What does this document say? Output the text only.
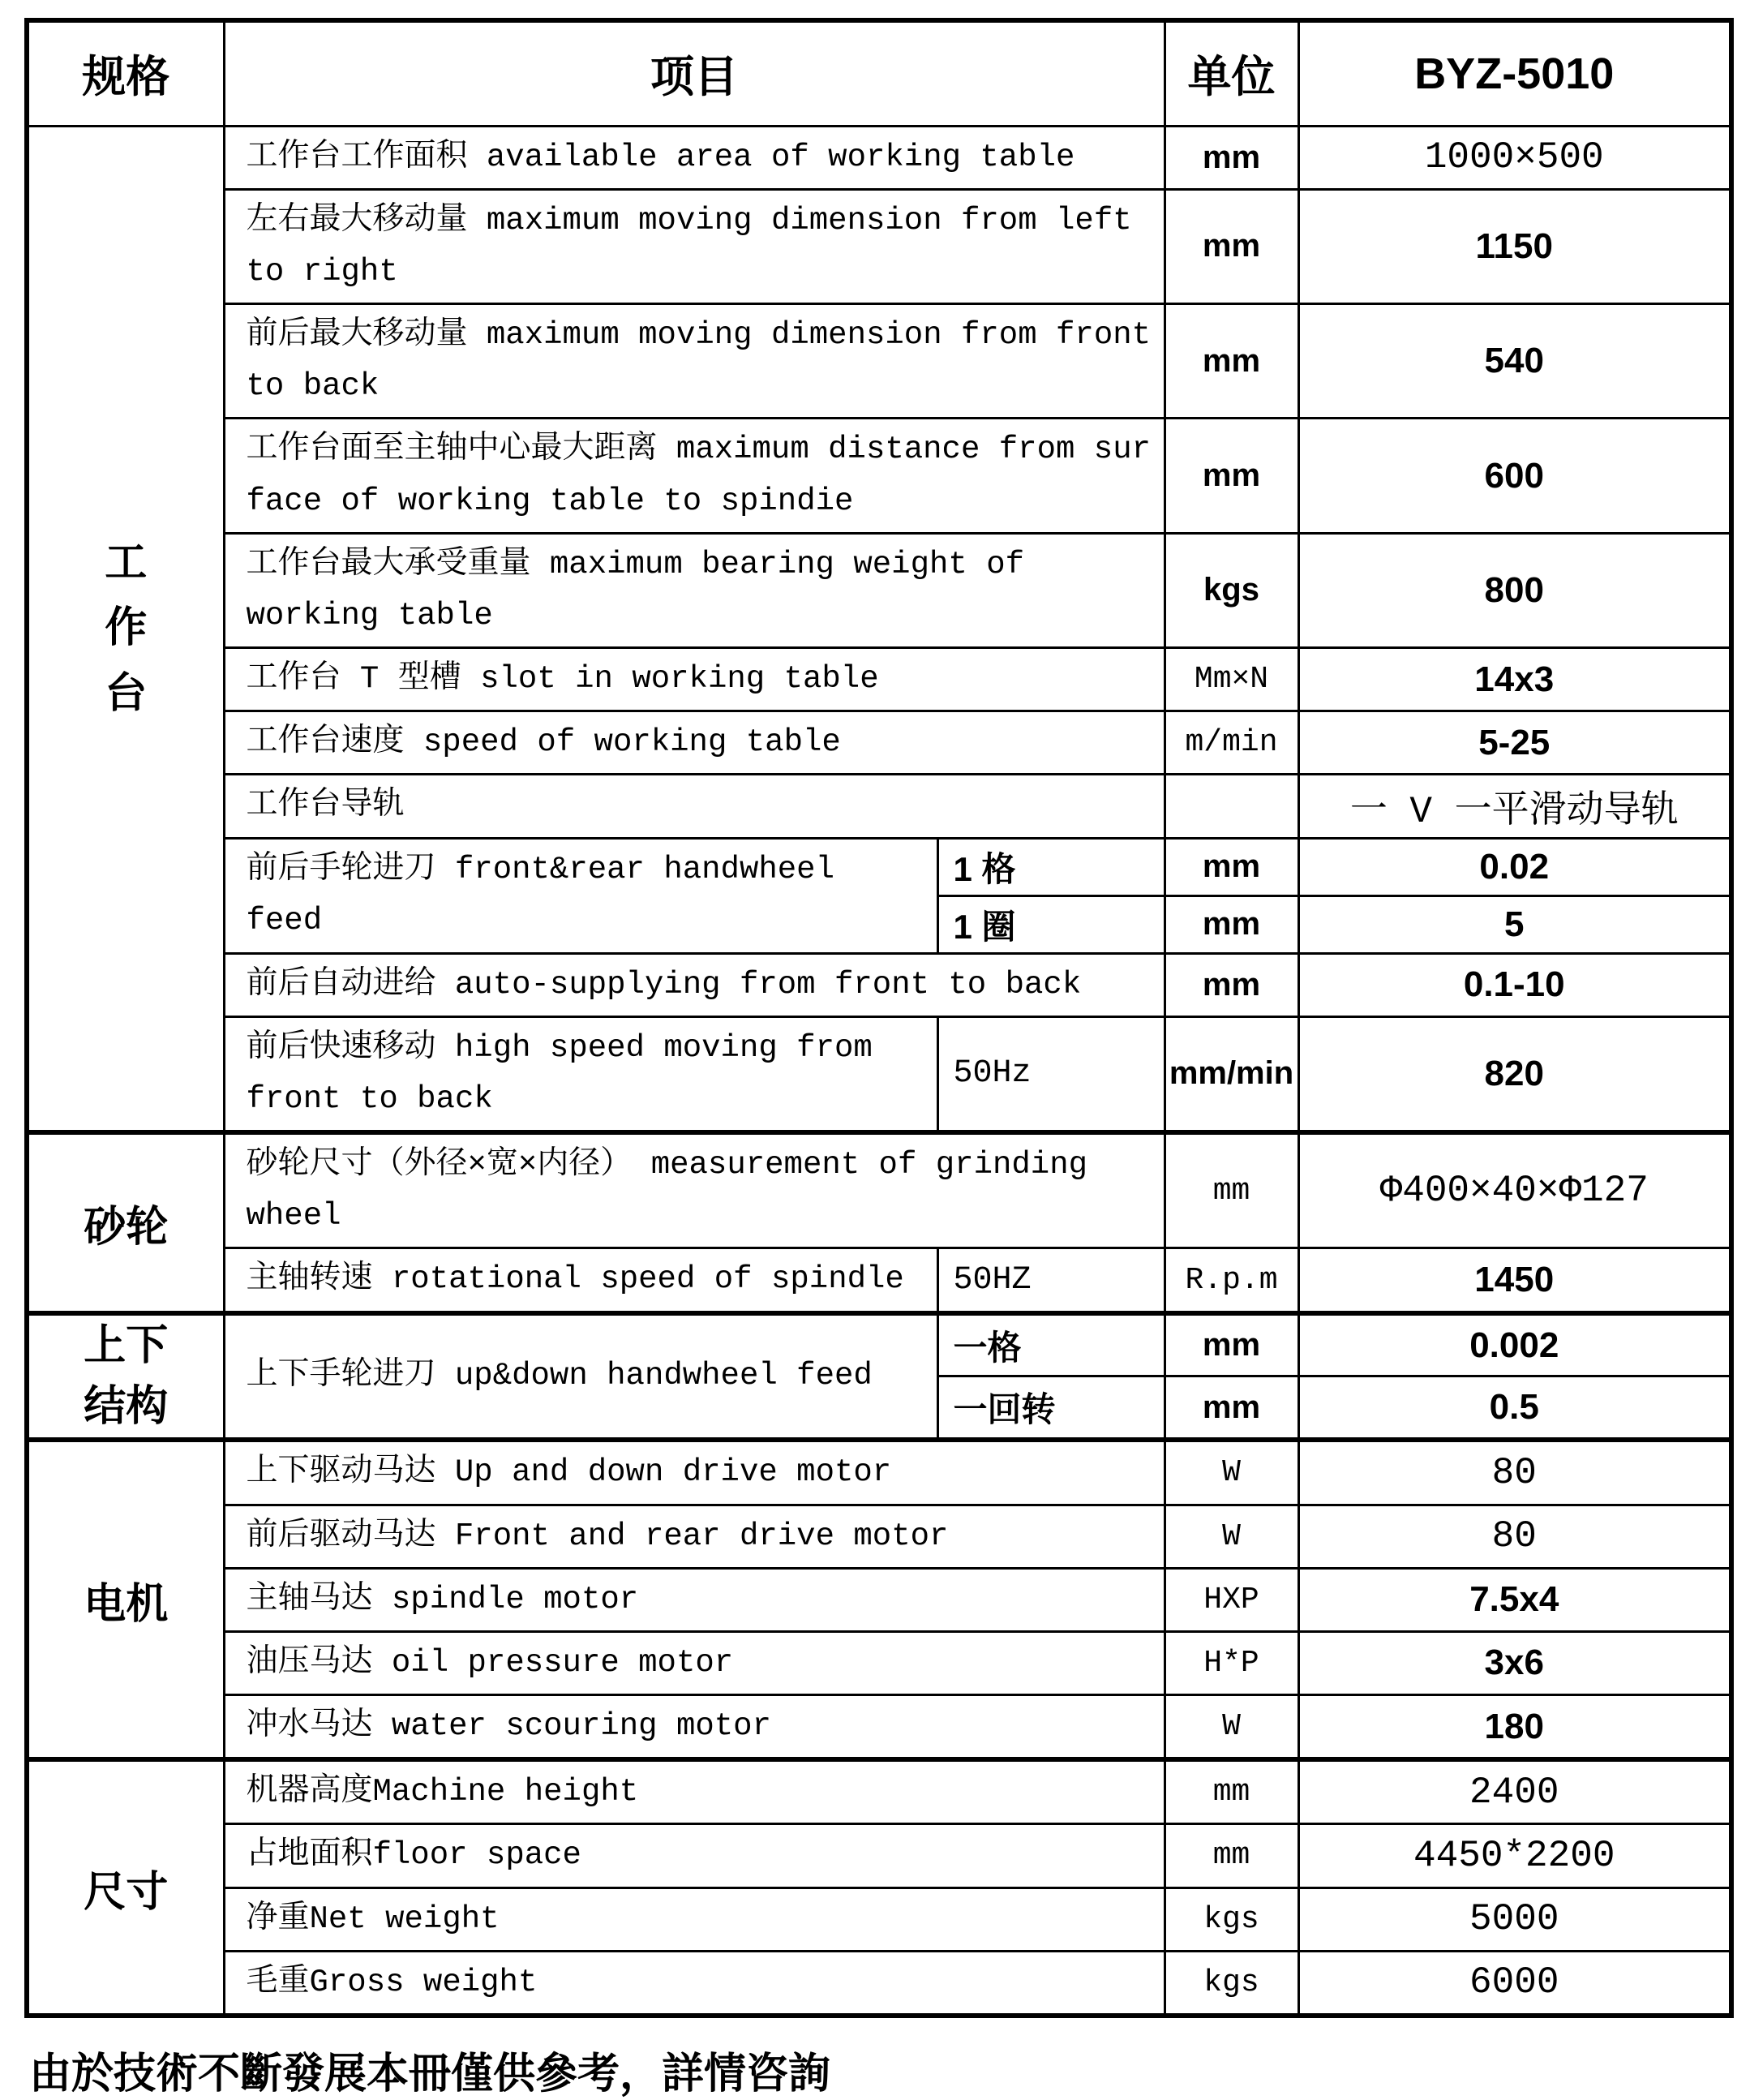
规格	项目		单位	BYZ-5010

工作台	工作台工作面积 available area of working table		mm	1000×500
	左右最大移动量 maximum moving dimension from left to right		mm	1150
	前后最大移动量 maximum moving dimension from front to back		mm	540
	工作台面至主轴中心最大距离 maximum distance from sur face of working table to spindie		mm	600
	工作台最大承受重量 maximum bearing weight of working table		kgs	800
	工作台 T 型槽 slot in working table		Mm×N	14x3
	工作台速度 speed of working table		m/min	5-25
	工作台导轨			一 V 一平滑动导轨
	前后手轮进刀 front&rear handwheel feed	1 格	mm	0.02
		1 圈	mm	5
	前后自动进给 auto-supplying from front to back		mm	0.1-10
	前后快速移动 high speed moving from front to back	50Hz	mm/min	820
砂轮	砂轮尺寸（外径×宽×内径） measurement of grinding wheel		mm	Φ400×40×Φ127
	主轴转速 rotational speed of spindle	50HZ	R.p.m	1450

上下结构	上下手轮进刀 up&down handwheel feed	一格	mm	0.002
		一回转	mm	0.5
电机	上下驱动马达 Up and down drive motor		W	80
	前后驱动马达 Front and rear drive motor		W	80
	主轴马达 spindle motor		HXP	7.5x4
	油压马达 oil pressure motor		H*P	3x6
	冲水马达 water scouring motor		W	180
尺寸	机器高度Machine height		mm	2400
	占地面积floor space		mm	4450*2200
	净重Net weight		kgs	5000
	毛重Gross weight		kgs	6000
由於技術不斷發展本冊僅供參考，詳情咨詢
